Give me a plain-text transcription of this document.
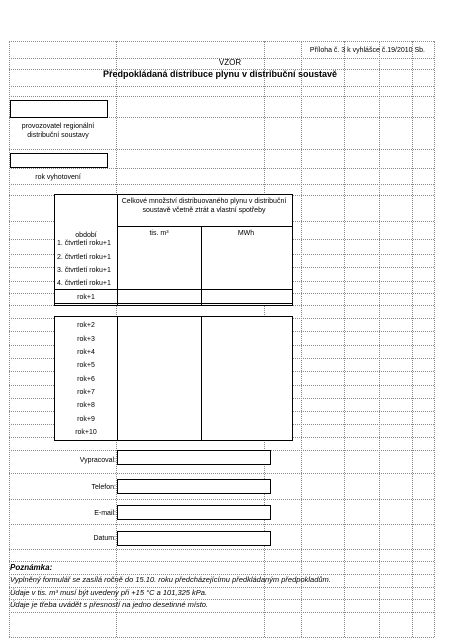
Příloha č. 3 k vyhlášce č.19/2010 Sb.
VZOR
Předpokládaná distribuce plynu v distribuční soustavě
provozovatel regionální distribuční soustavy
rok vyhotovení
Celkové množství distribuovaného plynu v distribuční soustavě včetně ztrát a vlastní spotřeby
období	tis. m³	MWh
1. čtvrtletí roku+1
2. čtvrtletí roku+1
3. čtvrtletí roku+1
4. čtvrtletí roku+1
rok+1
rok+2
rok+3
rok+4
rok+5
rok+6
rok+7
rok+8
rok+9
rok+10
Vypracoval:
Telefon:
E-mail:
Datum:
Poznámka:
Vyplněný formulář se zasílá ročně do 15.10. roku předcházejícímu předkládaným předpokladům.
Údaje v tis. m³ musí být uvedeny při +15 °C a 101,325 kPa.
Údaje je třeba uvádět s přesností na jedno desetinné místo.
